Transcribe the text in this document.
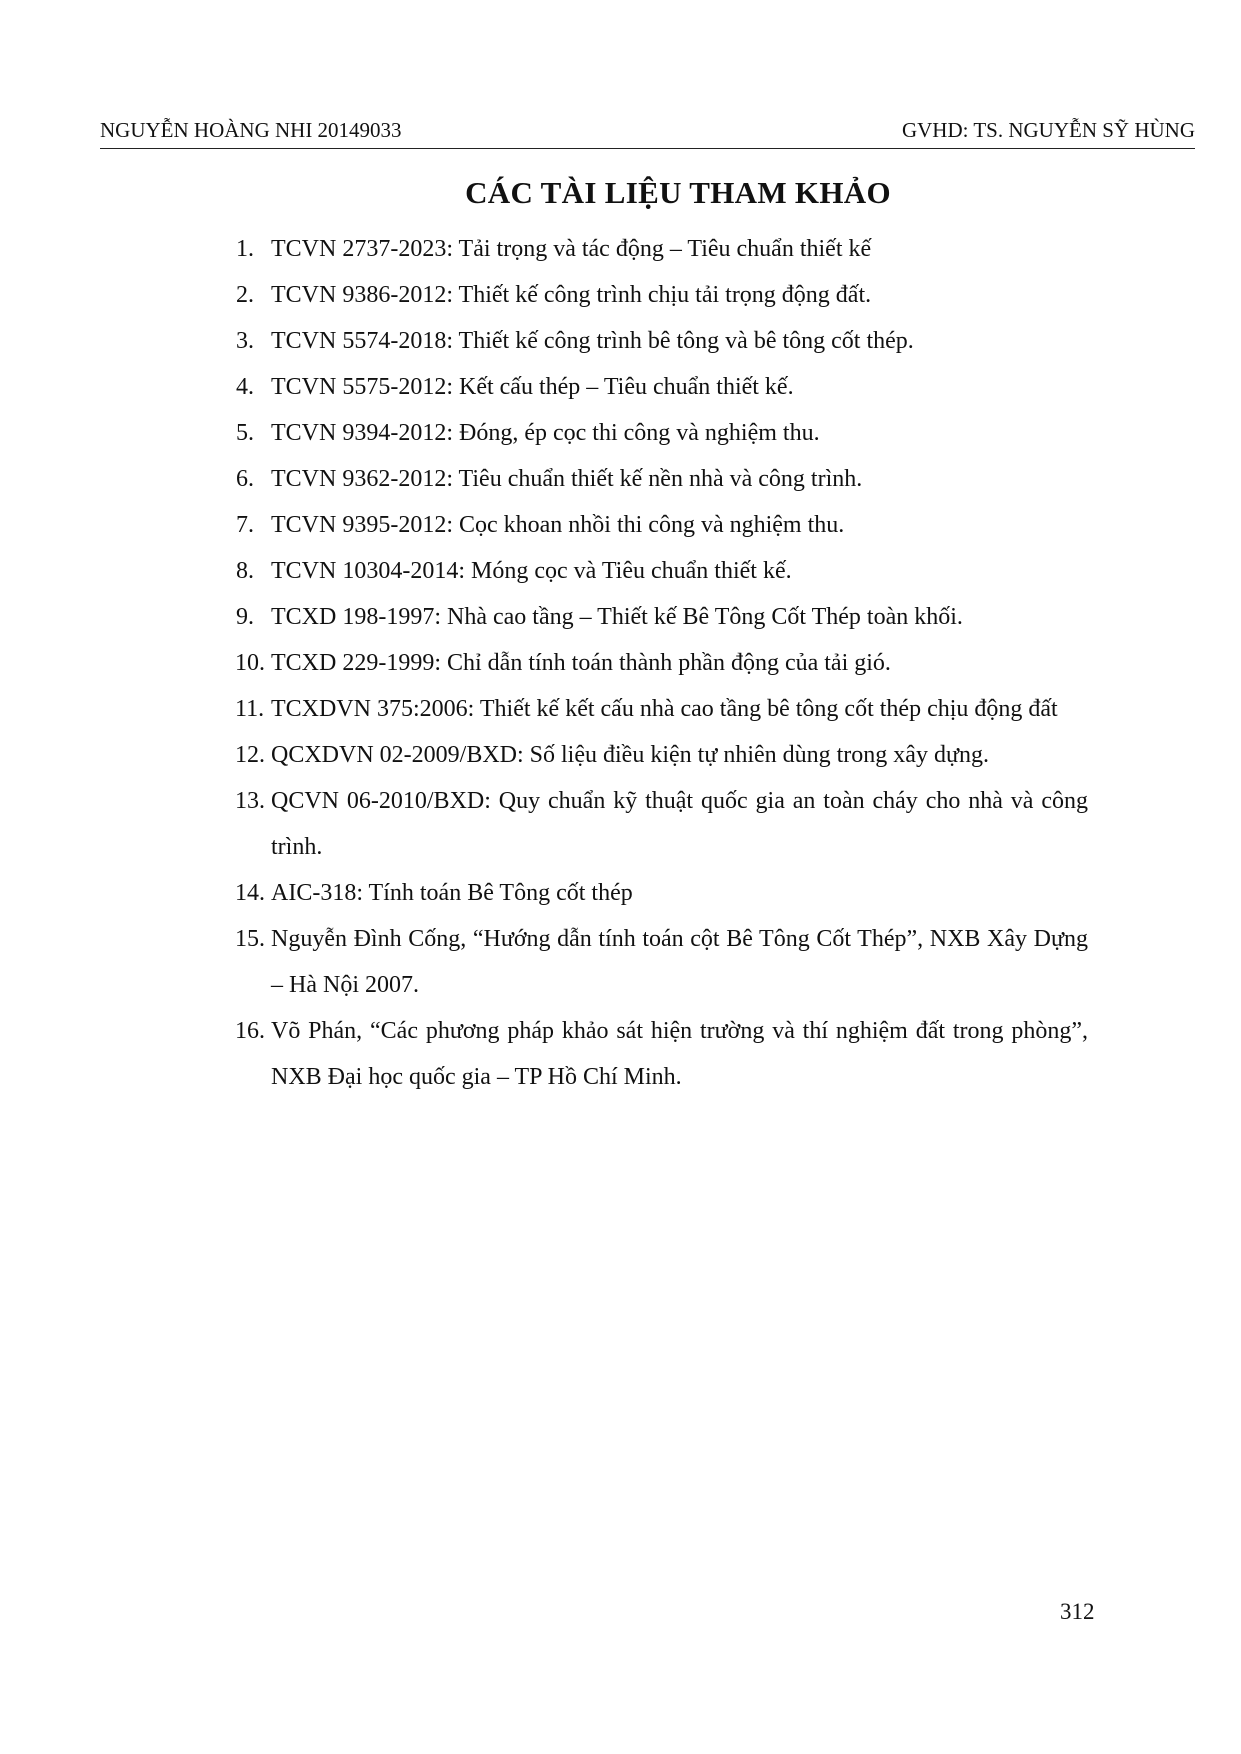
NGUYỄN HOÀNG NHI 20149033	GVHD: TS. NGUYỄN SỸ HÙNG
CÁC TÀI LIỆU THAM KHẢO
1. TCVN 2737-2023: Tải trọng và tác động – Tiêu chuẩn thiết kế
2. TCVN 9386-2012: Thiết kế công trình chịu tải trọng động đất.
3. TCVN 5574-2018: Thiết kế công trình bê tông và bê tông cốt thép.
4. TCVN 5575-2012: Kết cấu thép – Tiêu chuẩn thiết kế.
5. TCVN 9394-2012: Đóng, ép cọc thi công và nghiệm thu.
6. TCVN 9362-2012: Tiêu chuẩn thiết kế nền nhà và công trình.
7. TCVN 9395-2012: Cọc khoan nhồi thi công và nghiệm thu.
8. TCVN 10304-2014: Móng cọc và Tiêu chuẩn thiết kế.
9. TCXD 198-1997: Nhà cao tầng – Thiết kế Bê Tông Cốt Thép toàn khối.
10. TCXD 229-1999: Chỉ dẫn tính toán thành phần động của tải gió.
11. TCXDVN 375:2006: Thiết kế kết cấu nhà cao tầng bê tông cốt thép chịu động đất
12. QCXDVN 02-2009/BXD: Số liệu điều kiện tự nhiên dùng trong xây dựng.
13. QCVN 06-2010/BXD: Quy chuẩn kỹ thuật quốc gia an toàn cháy cho nhà và công trình.
14. AIC-318: Tính toán Bê Tông cốt thép
15. Nguyễn Đình Cống, “Hướng dẫn tính toán cột Bê Tông Cốt Thép”, NXB Xây Dựng – Hà Nội 2007.
16. Võ Phán, “Các phương pháp khảo sát hiện trường và thí nghiệm đất trong phòng”, NXB Đại học quốc gia – TP Hồ Chí Minh.
312
